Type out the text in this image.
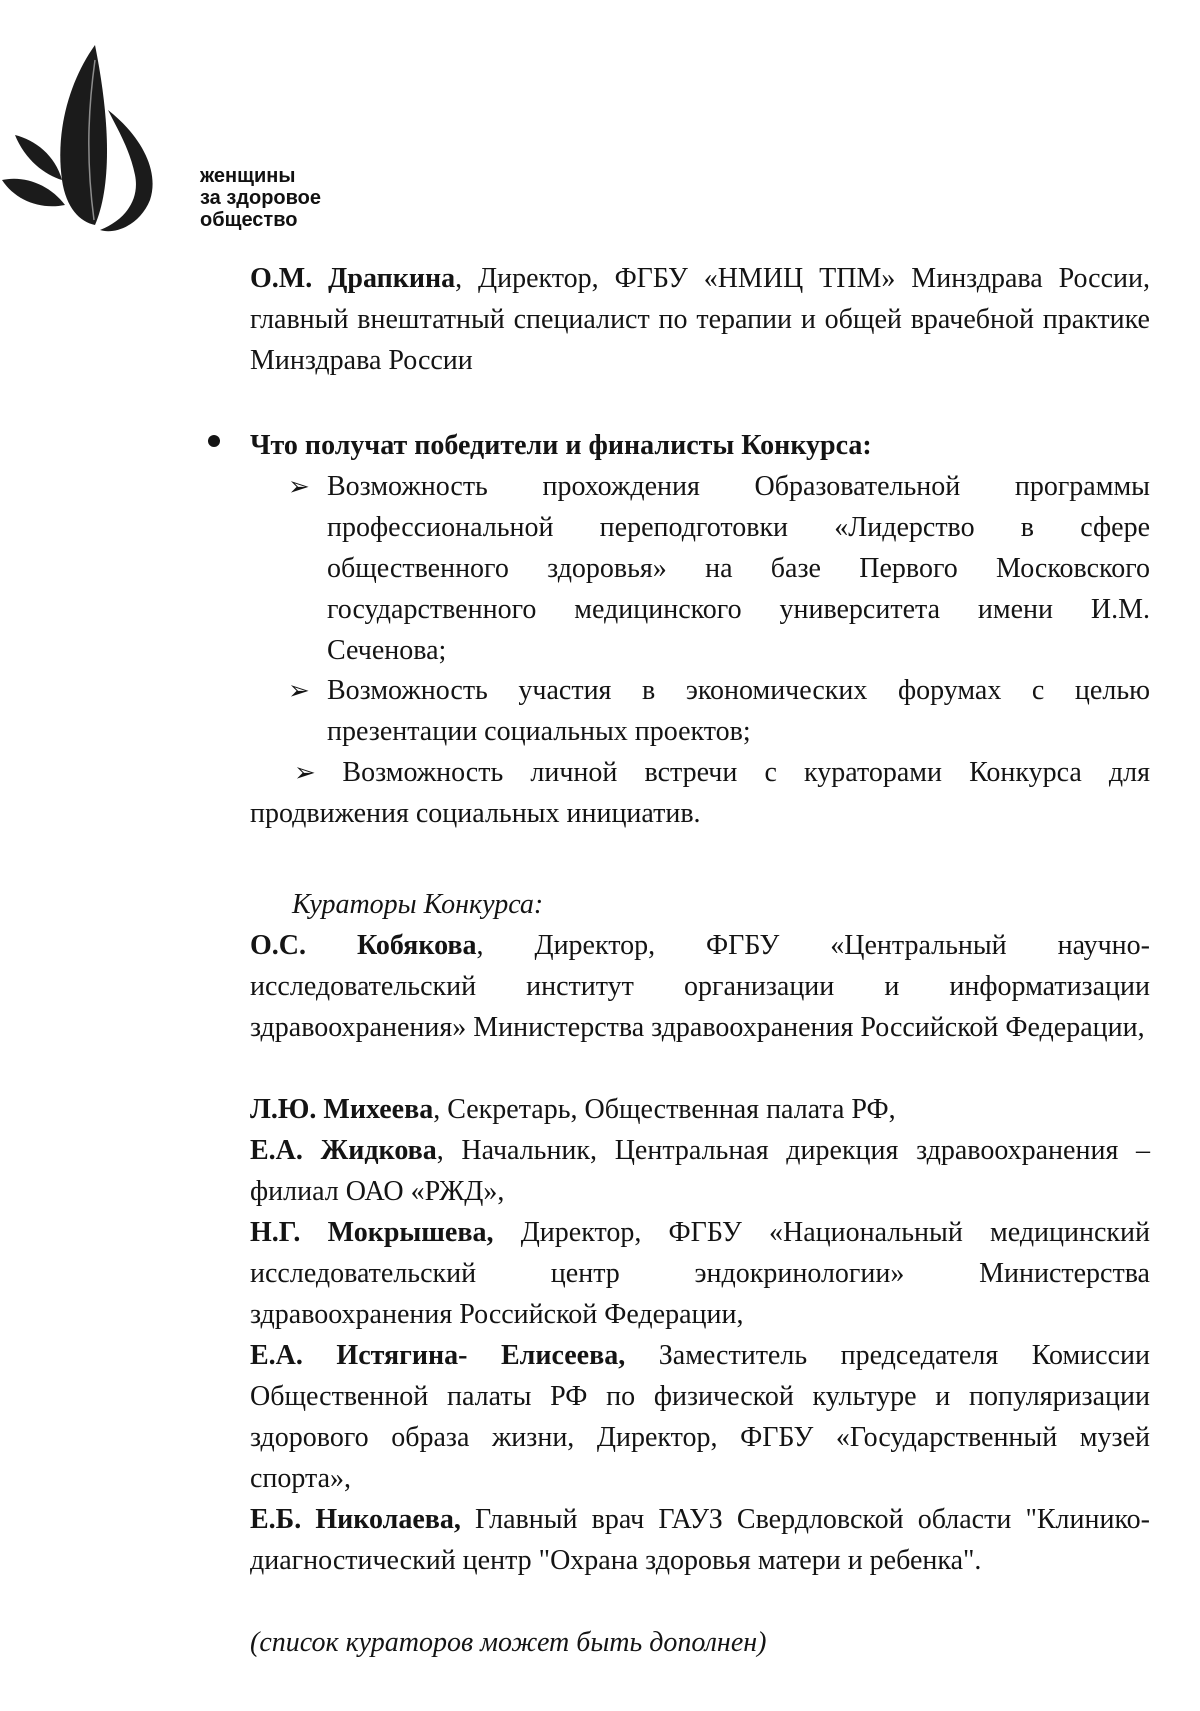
женщины
за здоровое
общество
О.М. Драпкина, Директор, ФГБУ «НМИЦ ТПМ» Минздрава России, главный внештатный специалист по терапии и общей врачебной практике Минздрава России
Что получат победители и финалисты Конкурса:
➢ Возможность прохождения Образовательной программы профессиональной переподготовки «Лидерство в сфере общественного здоровья» на базе Первого Московского государственного медицинского университета имени И.М. Сеченова;
➢ Возможность участия в экономических форумах с целью презентации социальных проектов;
➢ Возможность личной встречи с кураторами Конкурса для продвижения социальных инициатив.
Кураторы Конкурса:
О.С. Кобякова, Директор, ФГБУ «Центральный научно-исследовательский институт организации и информатизации здравоохранения» Министерства здравоохранения Российской Федерации,
Л.Ю. Михеева, Секретарь, Общественная палата РФ,
Е.А. Жидкова, Начальник, Центральная дирекция здравоохранения – филиал ОАО «РЖД»,
Н.Г. Мокрышева, Директор, ФГБУ «Национальный медицинский исследовательский центр эндокринологии» Министерства здравоохранения Российской Федерации,
Е.А. Истягина- Елисеева, Заместитель председателя Комиссии Общественной палаты РФ по физической культуре и популяризации здорового образа жизни, Директор, ФГБУ «Государственный музей спорта»,
Е.Б. Николаева, Главный врач ГАУЗ Свердловской области "Клинико-диагностический центр "Охрана здоровья матери и ребенка".
(список кураторов может быть дополнен)
